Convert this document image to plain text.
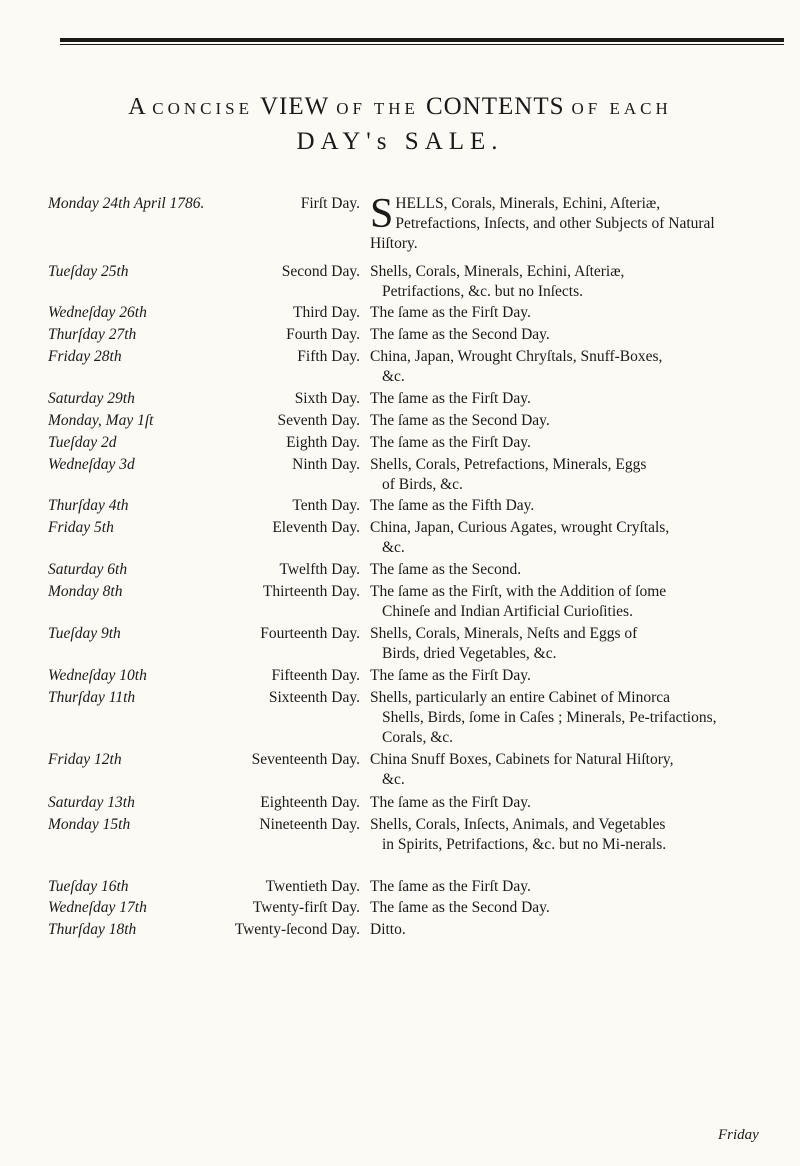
A CONCISE VIEW OF THE CONTENTS OF EACH
DAY's SALE.
Monday 24th April 1786.	Firſt Day. S HELLS, Corals, Minerals, Echini, Aſteriæ,
Petrefactions, Inſects, and other Subjects of Natural Hiſtory.
Tueſday 25th	Second Day. Shells, Corals, Minerals, Echini, Aſteriæ,
Petrifactions, &c. but no Inſects.
Wedneſday 26th	Third Day. The ſame as the Firſt Day.
Thurſday 27th	Fourth Day. The ſame as the Second Day.
Friday 28th	Fifth Day. China, Japan, Wrought Chryſtals, Snuff-Boxes,
&c.
Saturday 29th	Sixth Day. The ſame as the Firſt Day.
Monday, May 1ſt	Seventh Day. The ſame as the Second Day.
Tueſday 2d	Eighth Day. The ſame as the Firſt Day.
Wedneſday 3d	Ninth Day. Shells, Corals, Petrefactions, Minerals, Eggs
of Birds, &c.
Thurſday 4th	Tenth Day. The ſame as the Fifth Day.
Friday 5th	Eleventh Day. China, Japan, Curious Agates, wrought Cryſtals,
&c.
Saturday 6th	Twelfth Day. The ſame as the Second.
Monday 8th	Thirteenth Day. The ſame as the Firſt, with the Addition of ſome
Chineſe and Indian Artificial Curioſities.
Tueſday 9th	Fourteenth Day. Shells, Corals, Minerals, Neſts and Eggs of
Birds, dried Vegetables, &c.
Wedneſday 10th	Fifteenth Day. The ſame as the Firſt Day.
Thurſday 11th	Sixteenth Day. Shells, particularly an entire Cabinet of Minorca
Shells, Birds, ſome in Caſes ; Minerals, Pe-trifactions, Corals, &c.
Friday 12th	Seventeenth Day. China Snuff Boxes, Cabinets for Natural Hiſtory,
&c.
Saturday 13th	Eighteenth Day. The ſame as the Firſt Day.
Monday 15th	Nineteenth Day. Shells, Corals, Inſects, Animals, and Vegetables
in Spirits, Petrifactions, &c. but no Mi-nerals.
Tueſday 16th	Twentieth Day. The ſame as the Firſt Day.
Wedneſday 17th	Twenty-firſt Day. The ſame as the Second Day.
Thurſday 18th	Twenty-ſecond Day. Ditto.
Friday
